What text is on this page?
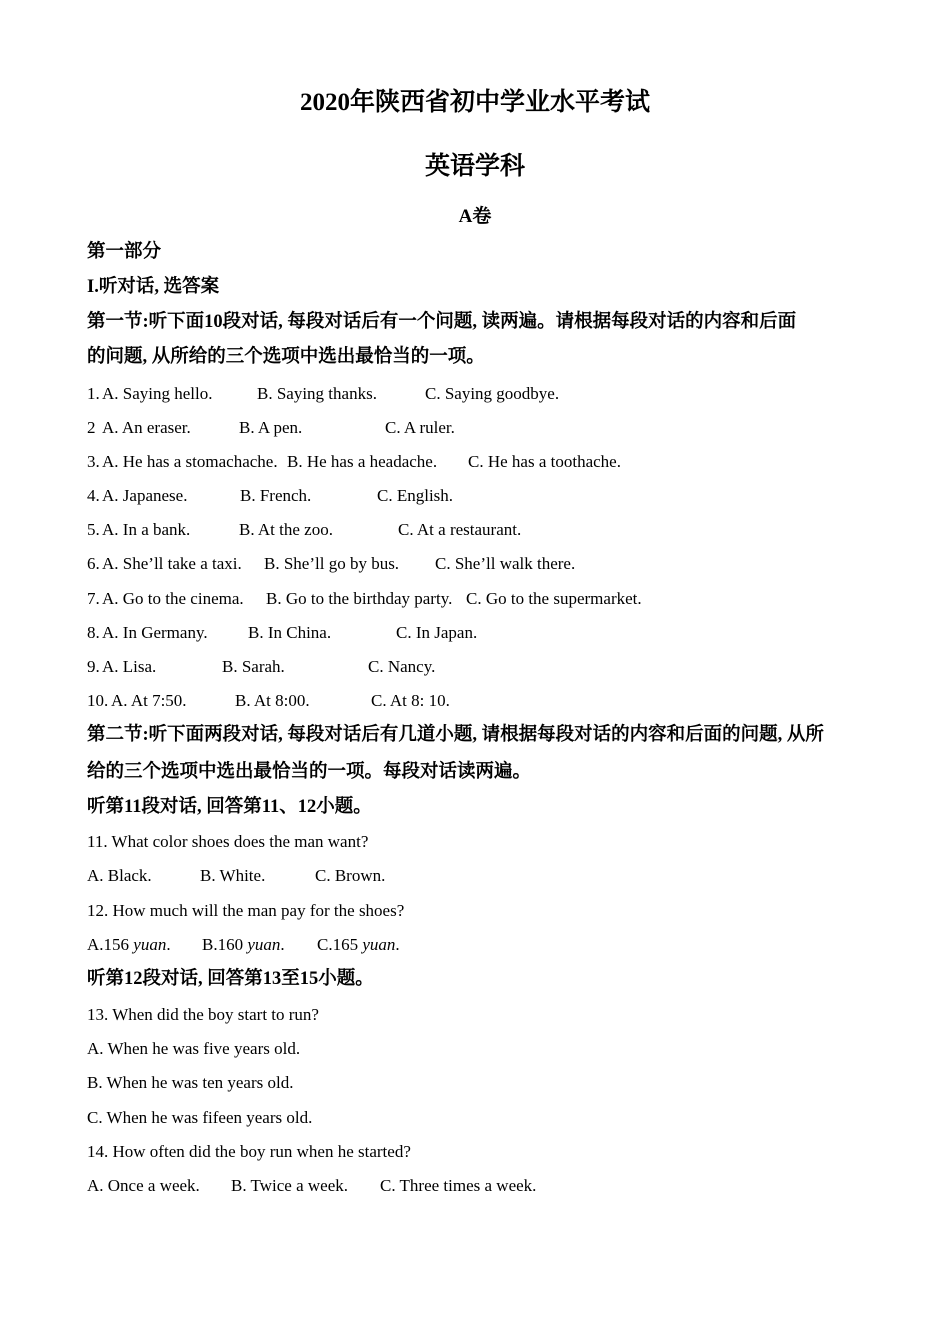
2020年陕西省初中学业水平考试
英语学科
A卷
第一部分
I.听对话, 选答案
第一节:听下面10段对话, 每段对话后有一个问题, 读两遍。请根据每段对话的内容和后面
的问题, 从所给的三个选项中选出最恰当的一项。
1. A. Saying hello.	B. Saying thanks.	C. Saying goodbye.
2 A. An eraser.	B. A pen.	C. A ruler.
3. A. He has a stomachache. B. He has a headache. C. He has a toothache.
4. A. Japanese.	B. French.	C. English.
5. A. In a bank.	B. At the zoo.	C. At a restaurant.
6. A. She’ll take a taxi. B. She’ll go by bus. C. She’ll walk there.
7. A. Go to the cinema. B. Go to the birthday party. C. Go to the supermarket.
8. A. In Germany. B. In China.	C. In Japan.
9. A. Lisa.	B. Sarah.	C. Nancy.
10. A. At 7:50.	B. At 8:00.	C. At 8: 10.
第二节:听下面两段对话, 每段对话后有几道小题, 请根据每段对话的内容和后面的问题, 从所
给的三个选项中选出最恰当的一项。每段对话读两遍。
听第11段对话, 回答第11、12小题。
11. What color shoes does the man want?
A. Black.	B. White.	C. Brown.
12. How much will the man pay for the shoes?
A.156 yuan. B.160 yuan. C.165 yuan.
听第12段对话, 回答第13至15小题。
13. When did the boy start to run?
A. When he was five years old.
B. When he was ten years old.
C. When he was fifeen years old.
14. How often did the boy run when he started?
A. Once a week. B. Twice a week. C. Three times a week.
